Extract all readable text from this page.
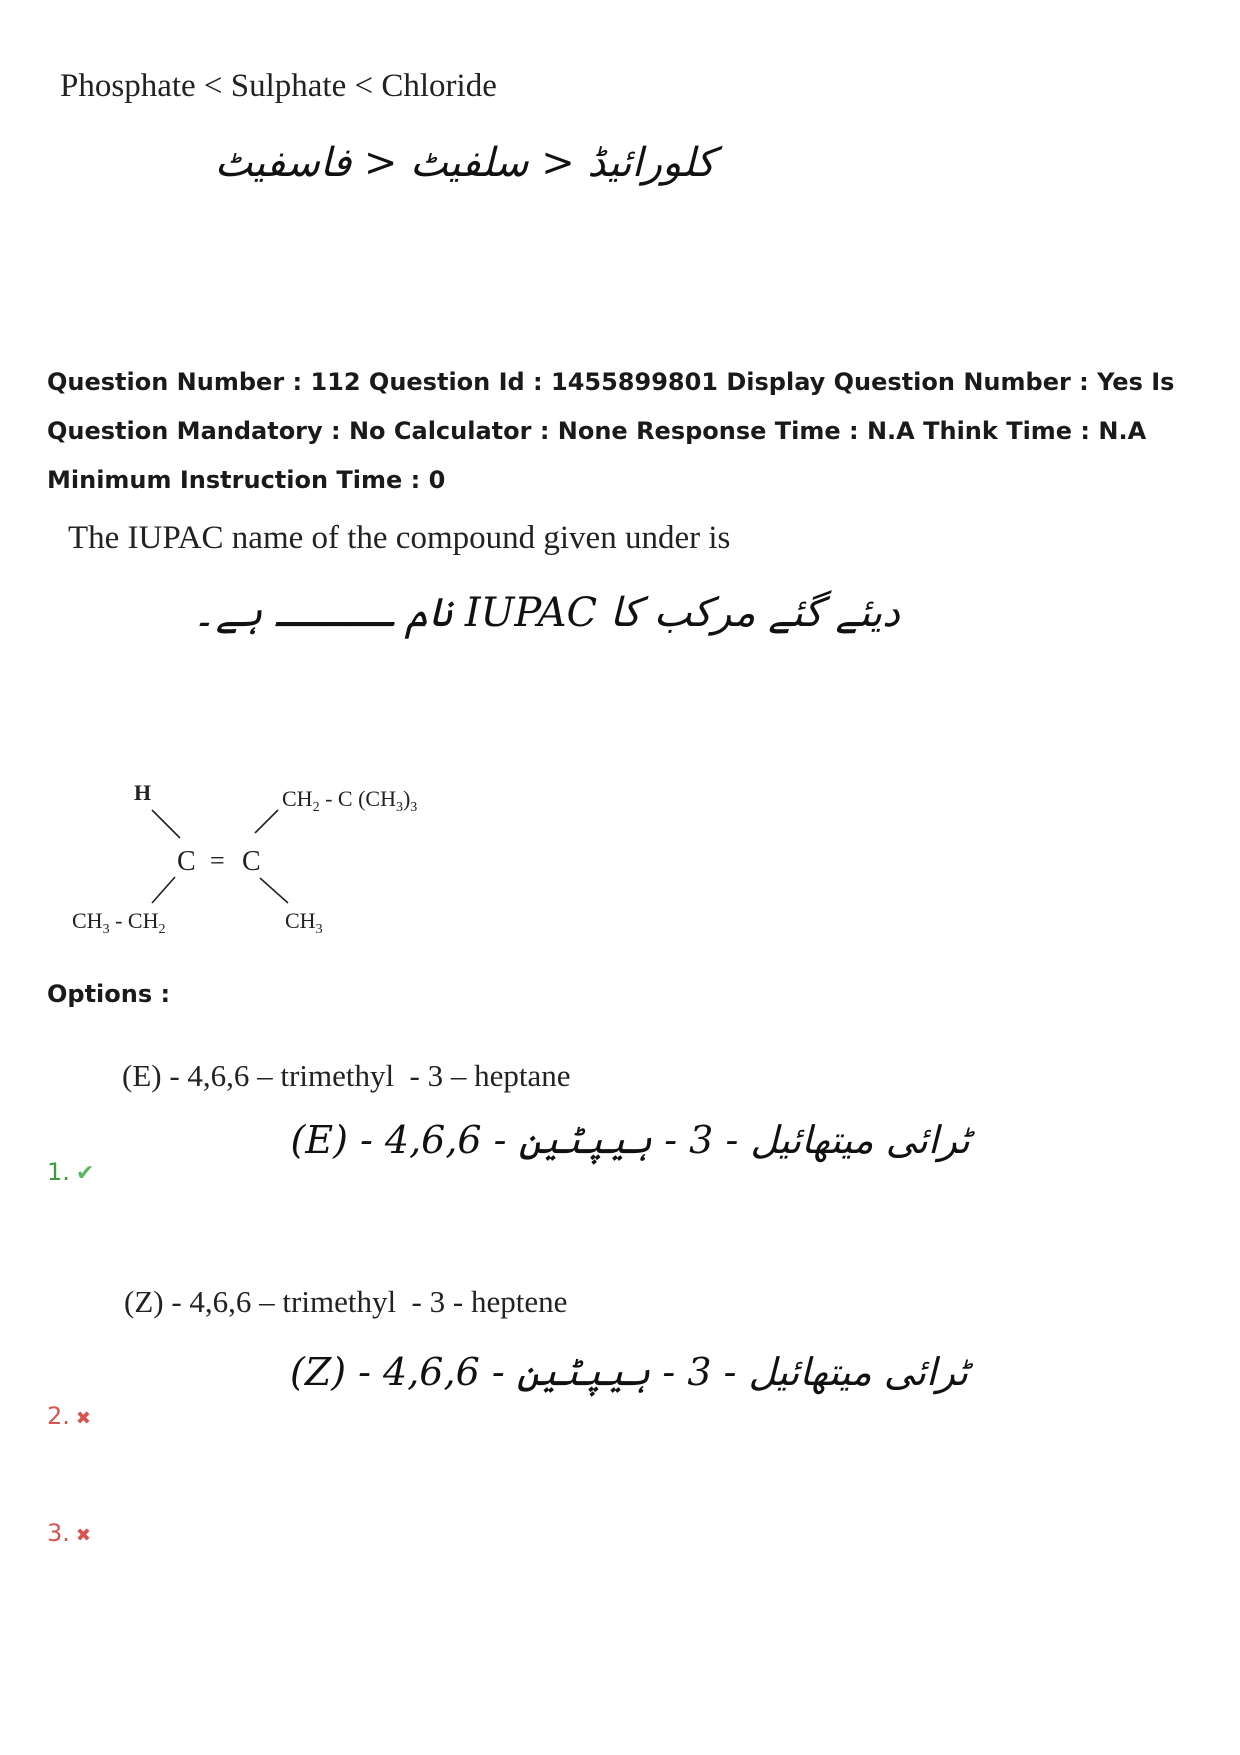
Phosphate < Sulphate < Chloride
کلورائیڈ < سلفیٹ < فاسفیٹ
Question Number : 112 Question Id : 1455899801 Display Question Number : Yes Is Question Mandatory : No Calculator : None Response Time : N.A Think Time : N.A Minimum Instruction Time : 0
The IUPAC name of the compound given under is
دیئے گئے مرکب کا IUPAC نام ـــــ ہے۔
H
C = C
$CH_2$ - C $(CH_3)_3$
$CH_3 - CH_2$	$CH_3$
Options :
(E) - 4,6,6 – trimethyl  - 3 – heptane
(E) - 4,6,6 - ٹرائی میتھائیل - 3 - ہیپٹین
1. ✔
(Z) - 4,6,6 – trimethyl  - 3 - heptene
(Z) - 4,6,6 - ٹرائی میتھائیل - 3 - ہیپٹین
2. ✖
3. ✖
